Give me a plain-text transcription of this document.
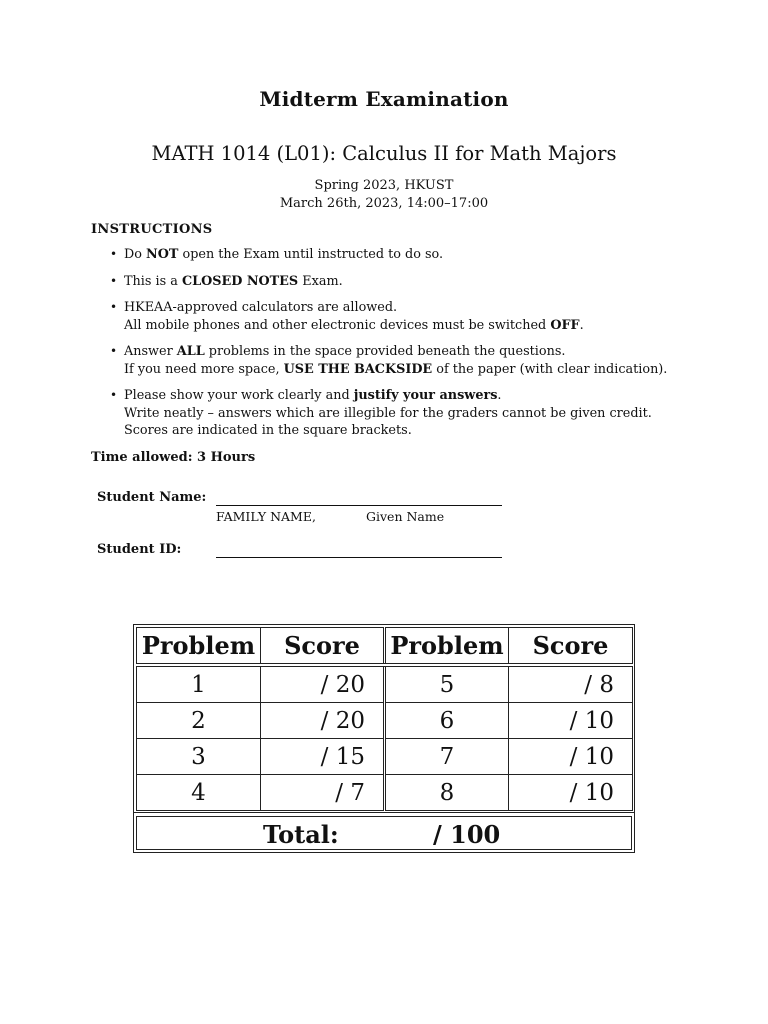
Midterm Examination
MATH 1014 (L01): Calculus II for Math Majors
Spring 2023, HKUST
March 26th, 2023, 14:00–17:00
INSTRUCTIONS
• Do NOT open the Exam until instructed to do so.
• This is a CLOSED NOTES Exam.
• HKEAA-approved calculators are allowed.
All mobile phones and other electronic devices must be switched OFF.
• Answer ALL problems in the space provided beneath the questions.
If you need more space, USE THE BACKSIDE of the paper (with clear indication).
• Please show your work clearly and justify your answers.
Write neatly – answers which are illegible for the graders cannot be given credit.
Scores are indicated in the square brackets.
Time allowed: 3 Hours
Student Name:
FAMILY NAME,	Given Name
Student ID:
Problem	Score	Problem	Score
1	/ 20	5	/ 8
2	/ 20	6	/ 10
3	/ 15	7	/ 10
4	/ 7	8	/ 10
Total:	/ 100
